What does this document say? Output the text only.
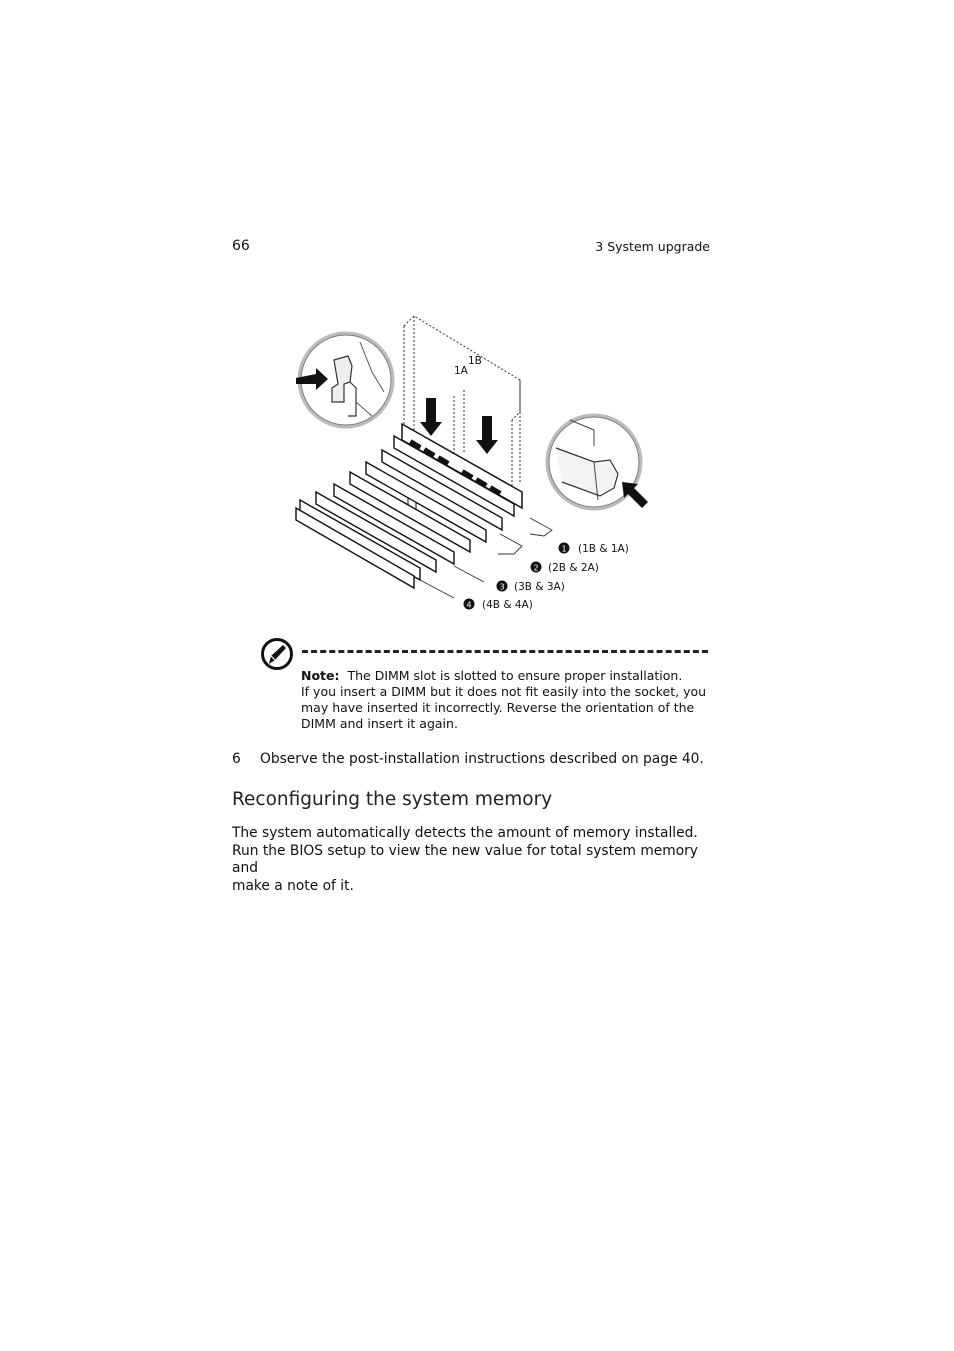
66	3 System upgrade
1B
1A
1 (1B & 1A)
2 (2B & 2A)
3 (3B & 3A)
4 (4B & 4A)
Note: The DIMM slot is slotted to ensure proper installation.
If you insert a DIMM but it does not fit easily into the socket, you
may have inserted it incorrectly. Reverse the orientation of the
DIMM and insert it again.
6 Observe the post-installation instructions described on page 40.
Reconfiguring the system memory
The system automatically detects the amount of memory installed.
Run the BIOS setup to view the new value for total system memory and
make a note of it.
